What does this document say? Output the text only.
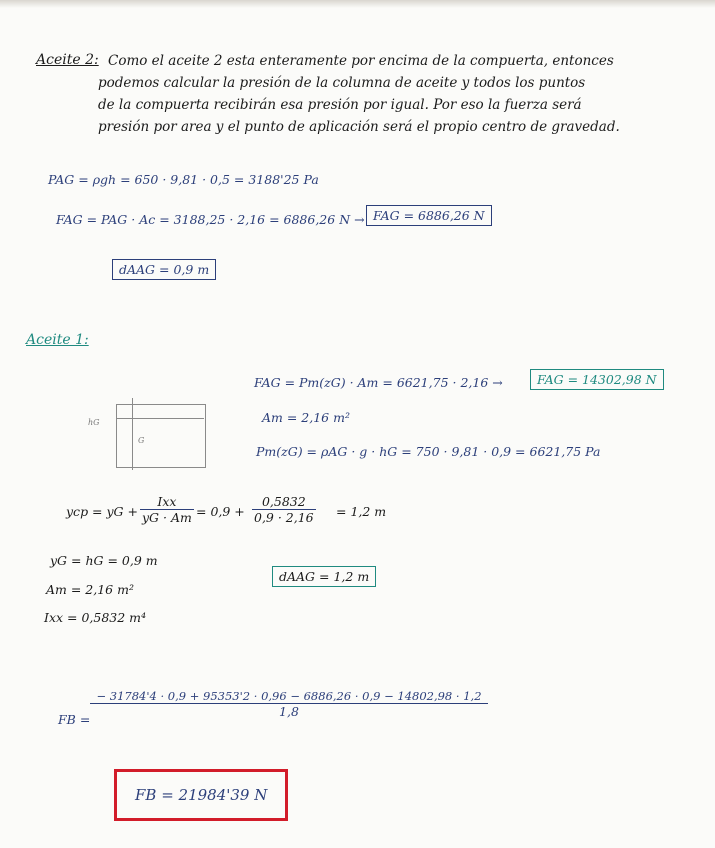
Aceite 2: Como el aceite 2 esta enteramente por encima de la compuerta, entonces
podemos calcular la presión de la columna de aceite y todos los puntos
de la compuerta recibirán esa presión por igual. Por eso la fuerza será
presión por area y el punto de aplicación será el propio centro de gravedad.
PAG = ρgh = 650 · 9,81 · 0,5 = 3188'25 Pa
FAG = PAG · Ac = 3188,25 · 2,16 = 6886,26 N → FAG = 6886,26 N
dAAG = 0,9 m
Aceite 1:
FAG = Pm(zG) · Am = 6621,75 · 2,16 →	FAG = 14302,98 N
Am = 2,16 m²
Pm(zG) = ρAG · g · hG = 750 · 9,81 · 0,9 = 6621,75 Pa
hG
G
ycp = yG +
Ixx
yG · $Am = 0,9 + \frac{0,5832}{0,9 \cdot 2,16} = 1,2$ m
yG = hG = 0,9 m
Am = 2,16 m²
Ixx = 0,5832 m⁴
dAAG = 1,2 m
FB =
− 31784'4 · 0,9 + 95353'2 · 0,96 − 6886,26 · 0,9 − 14802,98 · 1,2
1,8
FB = 21984'39 N
